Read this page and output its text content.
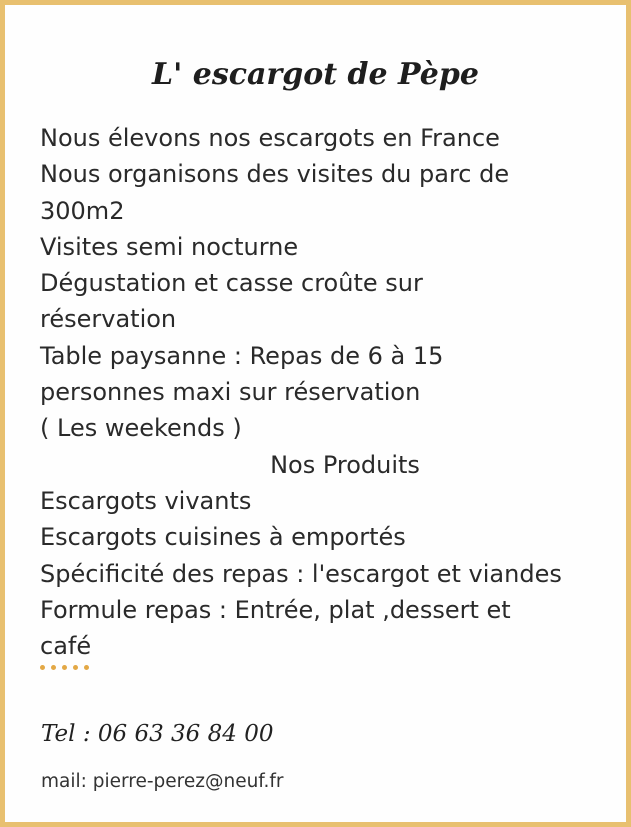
L' escargot de Pèpe
Nous élevons nos escargots en France
Nous organisons des visites du parc de
300m2
Visites semi nocturne
Dégustation et casse croûte sur
réservation
Table paysanne : Repas de 6 à 15
personnes maxi sur réservation
( Les weekends )
Nos Produits
Escargots vivants
Escargots cuisines à emportés
Spécificité des repas : l'escargot et viandes
Formule repas : Entrée, plat ,dessert et
café
Tel : 06 63 36 84 00
mail: pierre-perez@neuf.fr
